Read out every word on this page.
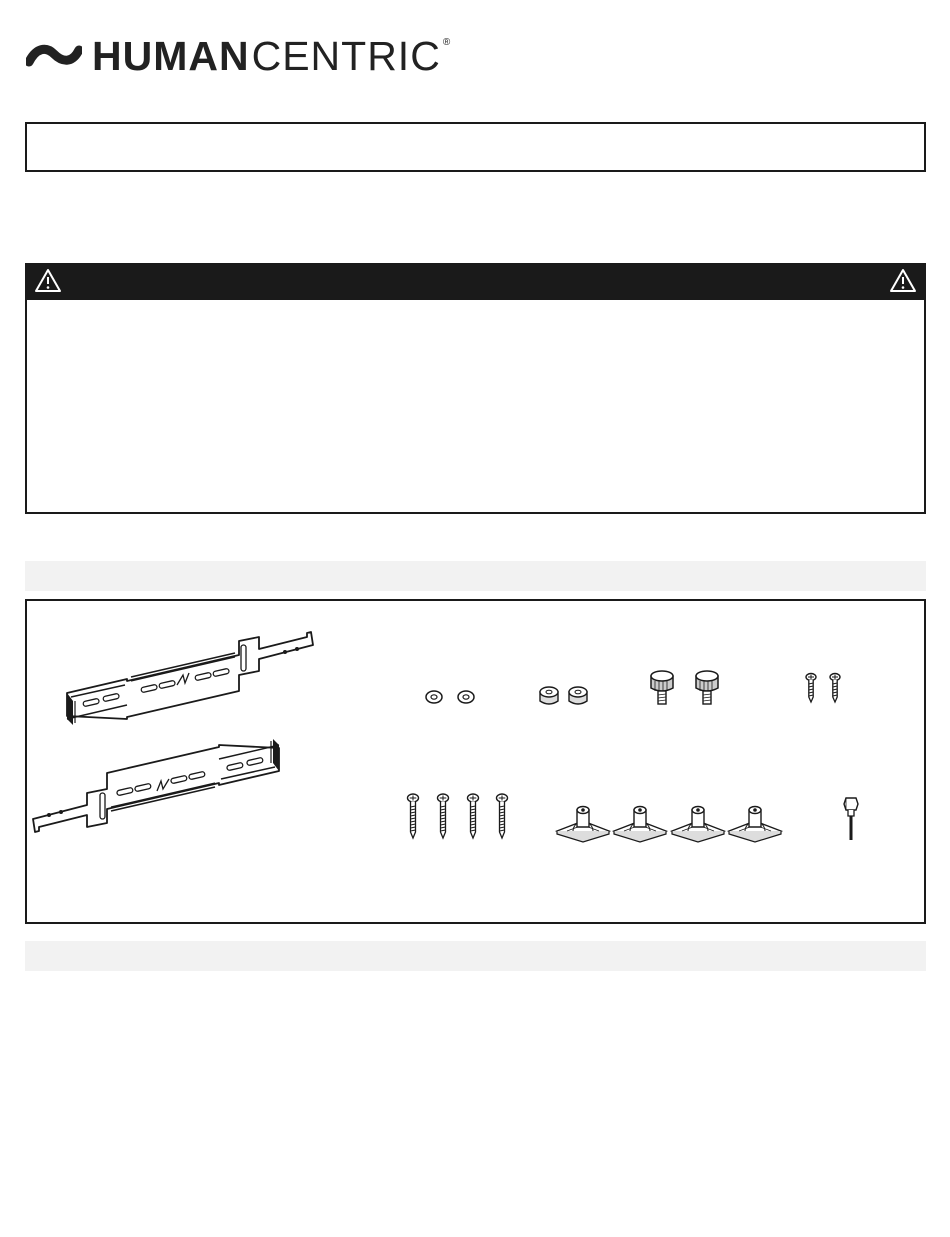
HUMAN CENTRIC ®
